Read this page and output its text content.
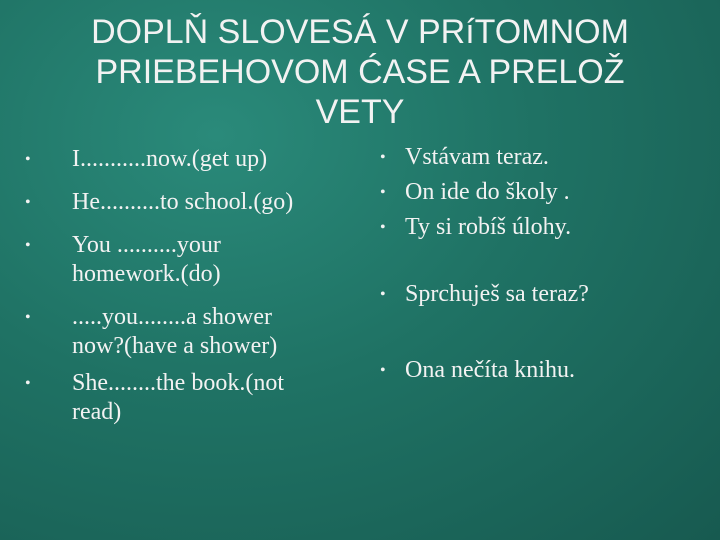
DOPLŇ SLOVESÁ V PRíTOMNOM
PRIEBEHOVOM ĆASE A PRELOŽ
VETY
• I...........now.(get up)
• He..........to school.(go)
• You ..........your
homework.(do)
• .....you........a shower
now?(have a shower)
• She........the book.(not
read)
• Vstávam teraz.
• On ide do školy .
• Ty si robíš úlohy.
• Sprchuješ sa teraz?
• Ona nečíta knihu.
